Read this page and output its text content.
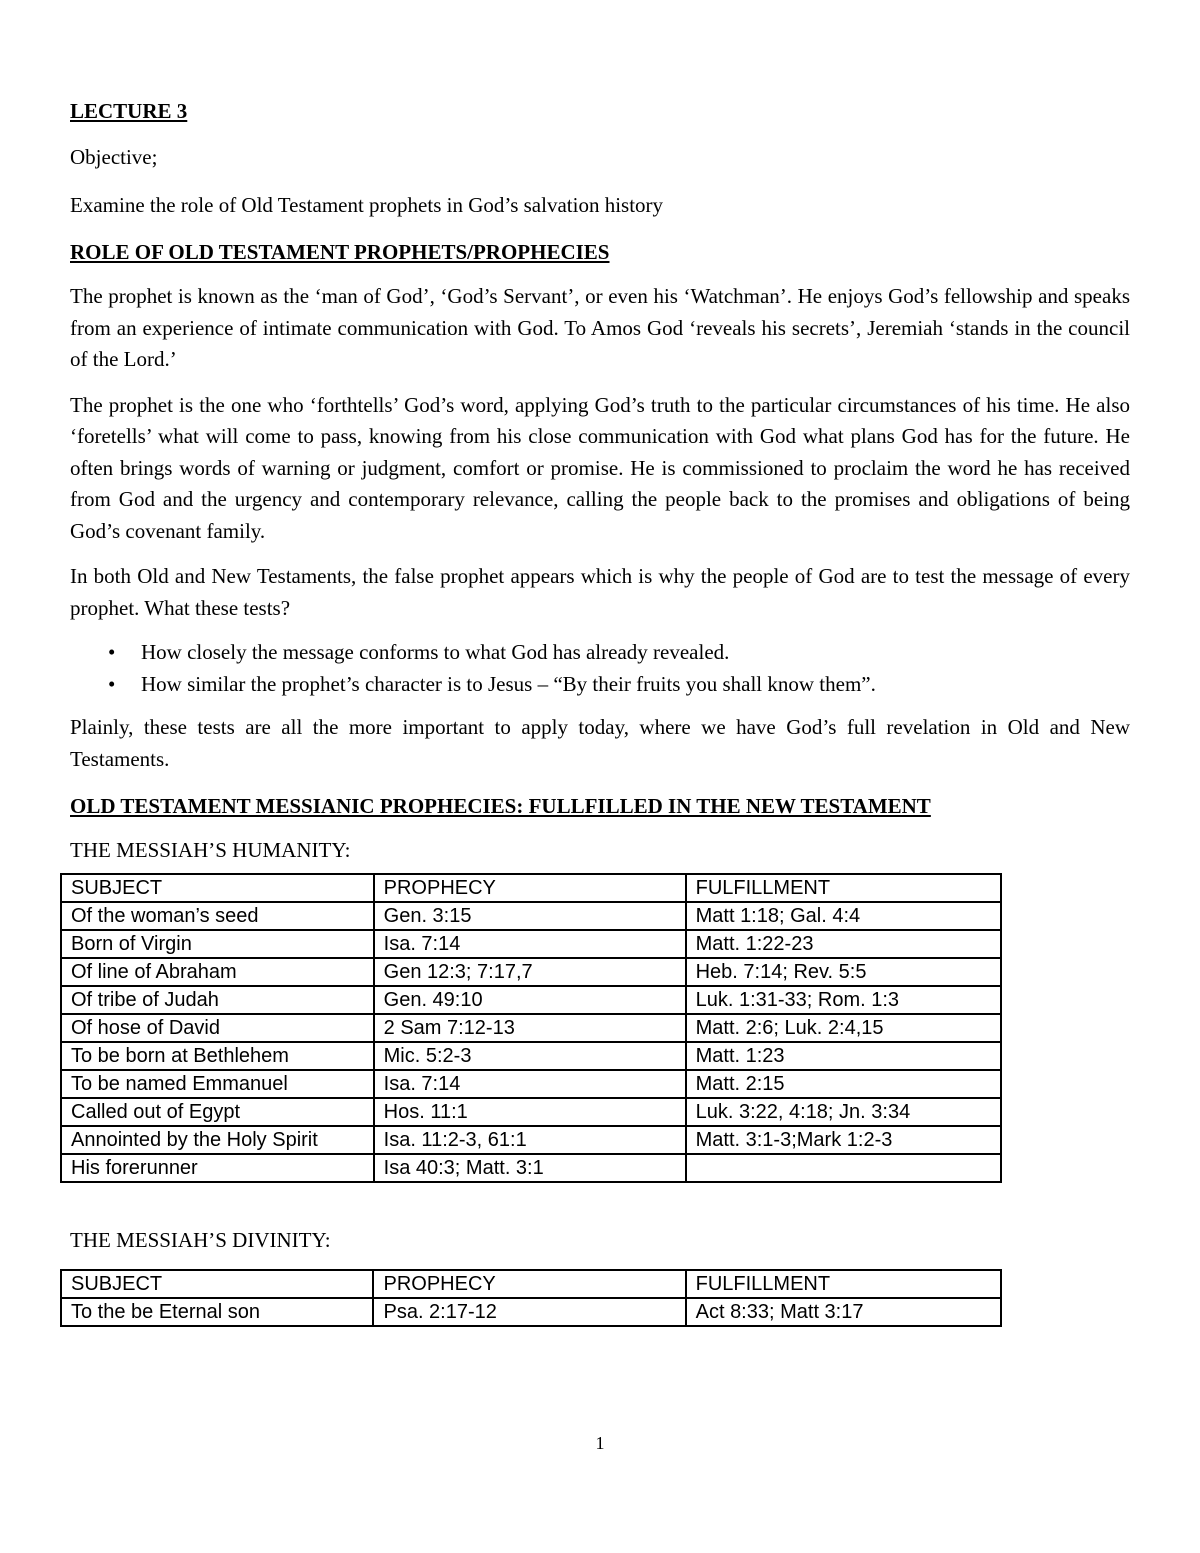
LECTURE 3

Objective;

Examine the role of Old Testament prophets in God’s salvation history

ROLE OF OLD TESTAMENT PROPHETS/PROPHECIES

The prophet is known as the ‘man of God’, ‘God’s Servant’, or even his ‘Watchman’. He enjoys God’s fellowship and speaks from an experience of intimate communication with God. To Amos God ‘reveals his secrets’, Jeremiah ‘stands in the council of the Lord.’

The prophet is the one who ‘forthtells’ God’s word, applying God’s truth to the particular circumstances of his time. He also ‘foretells’ what will come to pass, knowing from his close communication with God what plans God has for the future. He often brings words of warning or judgment, comfort or promise. He is commissioned to proclaim the word he has received from God and the urgency and contemporary relevance, calling the people back to the promises and obligations of being God’s covenant family.

In both Old and New Testaments, the false prophet appears which is why the people of God are to test the message of every prophet. What these tests?

• How closely the message conforms to what God has already revealed.
• How similar the prophet’s character is to Jesus – “By their fruits you shall know them”.

Plainly, these tests are all the more important to apply today, where we have God’s full revelation in Old and New Testaments.

OLD TESTAMENT MESSIANIC PROPHECIES: FULLFILLED IN THE NEW TESTAMENT

THE MESSIAH’S HUMANITY:

SUBJECT	PROPHECY	FULFILLMENT
Of the woman’s seed	Gen. 3:15	Matt 1:18; Gal. 4:4
Born of Virgin	Isa. 7:14	Matt. 1:22-23
Of line of Abraham	Gen 12:3; 7:17,7	Heb. 7:14; Rev. 5:5
Of tribe of Judah	Gen. 49:10	Luk. 1:31-33; Rom. 1:3
Of hose of David	2 Sam 7:12-13	Matt. 2:6; Luk. 2:4,15
To be born at Bethlehem	Mic. 5:2-3	Matt. 1:23
To be named Emmanuel	Isa. 7:14	Matt. 2:15
Called out of Egypt	Hos. 11:1	Luk. 3:22, 4:18; Jn. 3:34
Annointed by the Holy Spirit	Isa. 11:2-3, 61:1	Matt. 3:1-3;Mark 1:2-3
His forerunner	Isa 40:3; Matt. 3:1	

THE MESSIAH’S DIVINITY:

SUBJECT	PROPHECY	FULFILLMENT
To the be Eternal son	Psa. 2:17-12	Act 8:33; Matt 3:17
1
